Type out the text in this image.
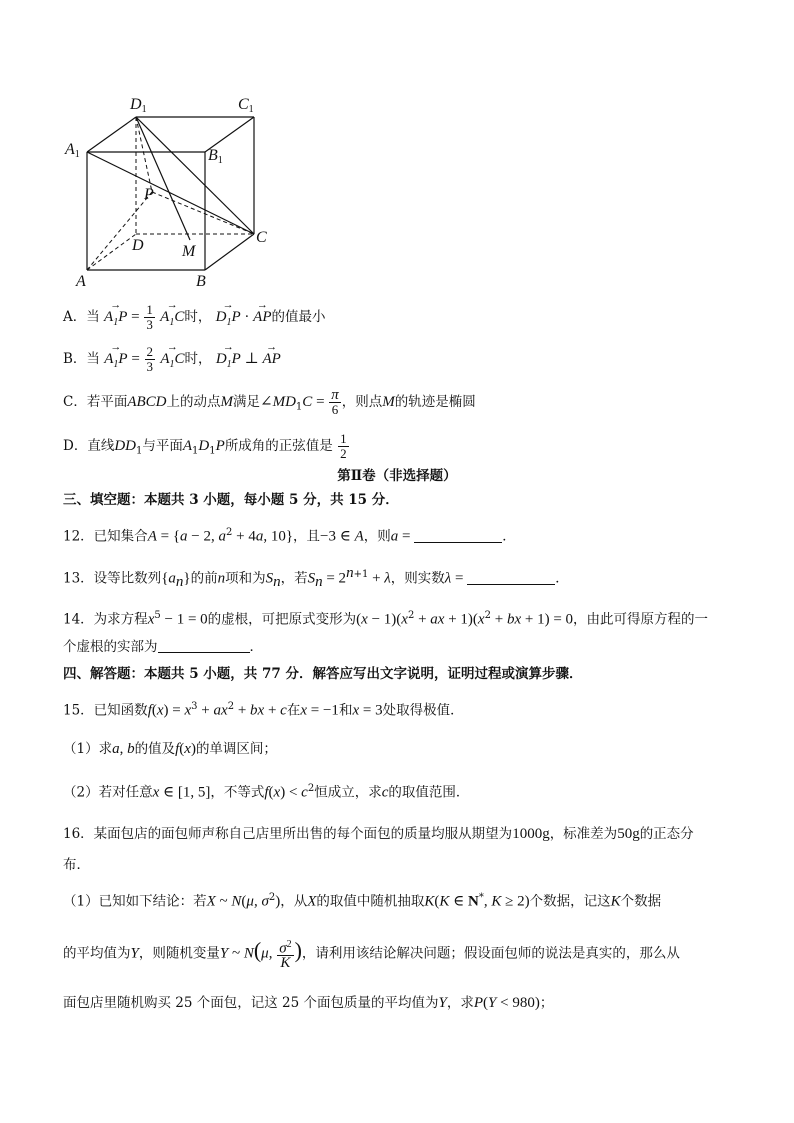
D1	C1
A1	B1
P
D M
C
A	B
A．当 → $A_1P = \frac{1}{3}$
→ $A_1C$时， → $D_1P$ · → AP的值最小
B．当 → $A_1P = \frac{2}{3}$
→ $A_1C$时， → $D_1P$ ⊥ → AP
C．若平面ABCD上的动点M满足$\angle MD_1C = \frac{\pi}{6}$ ，则点M的轨迹是椭圆
D．直线$DD_1$与平面$A_1D_1P$所成角的正弦值是 $\frac{1}{2}$
第Ⅱ卷（非选择题）
三、填空题：本题共 3 小题，每小题 5 分，共 15 分．
12．已知集合A = {a − 2, $a^2 + 4a$, 10}，且−3 ∈ A，则a =	．
13．设等比数列$\{a_n\}$的前n项和为$S_n$，若$S_n = 2^{n+1} + \lambda$，则实数λ =	．
14．为求方程$x^5 - 1 = 0$的虚根，可把原式变形为$(x - 1)(x^2$ + ax + $1)(x^2$ + bx + 1) = 0，由此可得原方程的一
个虚根的实部为	．
四、解答题：本题共 5 小题，共 77 分．解答应写出文字说明，证明过程或演算步骤．
15．已知函数$f(x) = x^3 + ax^2$ + bx + c在x = −1和x = 3处取得极值．
（1）求a, b的值及f(x)的单调区间；
（2）若对任意x ∈ [1, 5]，不等式$f(x) < c^2$恒成立，求c的取值范围．
16．某面包店的面包师声称自己店里所出售的每个面包的质量均服从期望为1000g，标准差为50g的正态分
布．
（1）已知如下结论：若X ~ N(μ, $\sigma^2$)，从X的取值中随机抽取K(K ∈ N*, K ≥ 2)个数据，记这K个数据
的平均值为Y，则随机变量Y ~ N(μ, $\frac{\sigma^2}{K}$ )，请利用该结论解决问题；假设面包师的说法是真实的，那么从
面包店里随机购买 25 个面包，记这 25 个面包质量的平均值为Y，求P(Y < 980)；
